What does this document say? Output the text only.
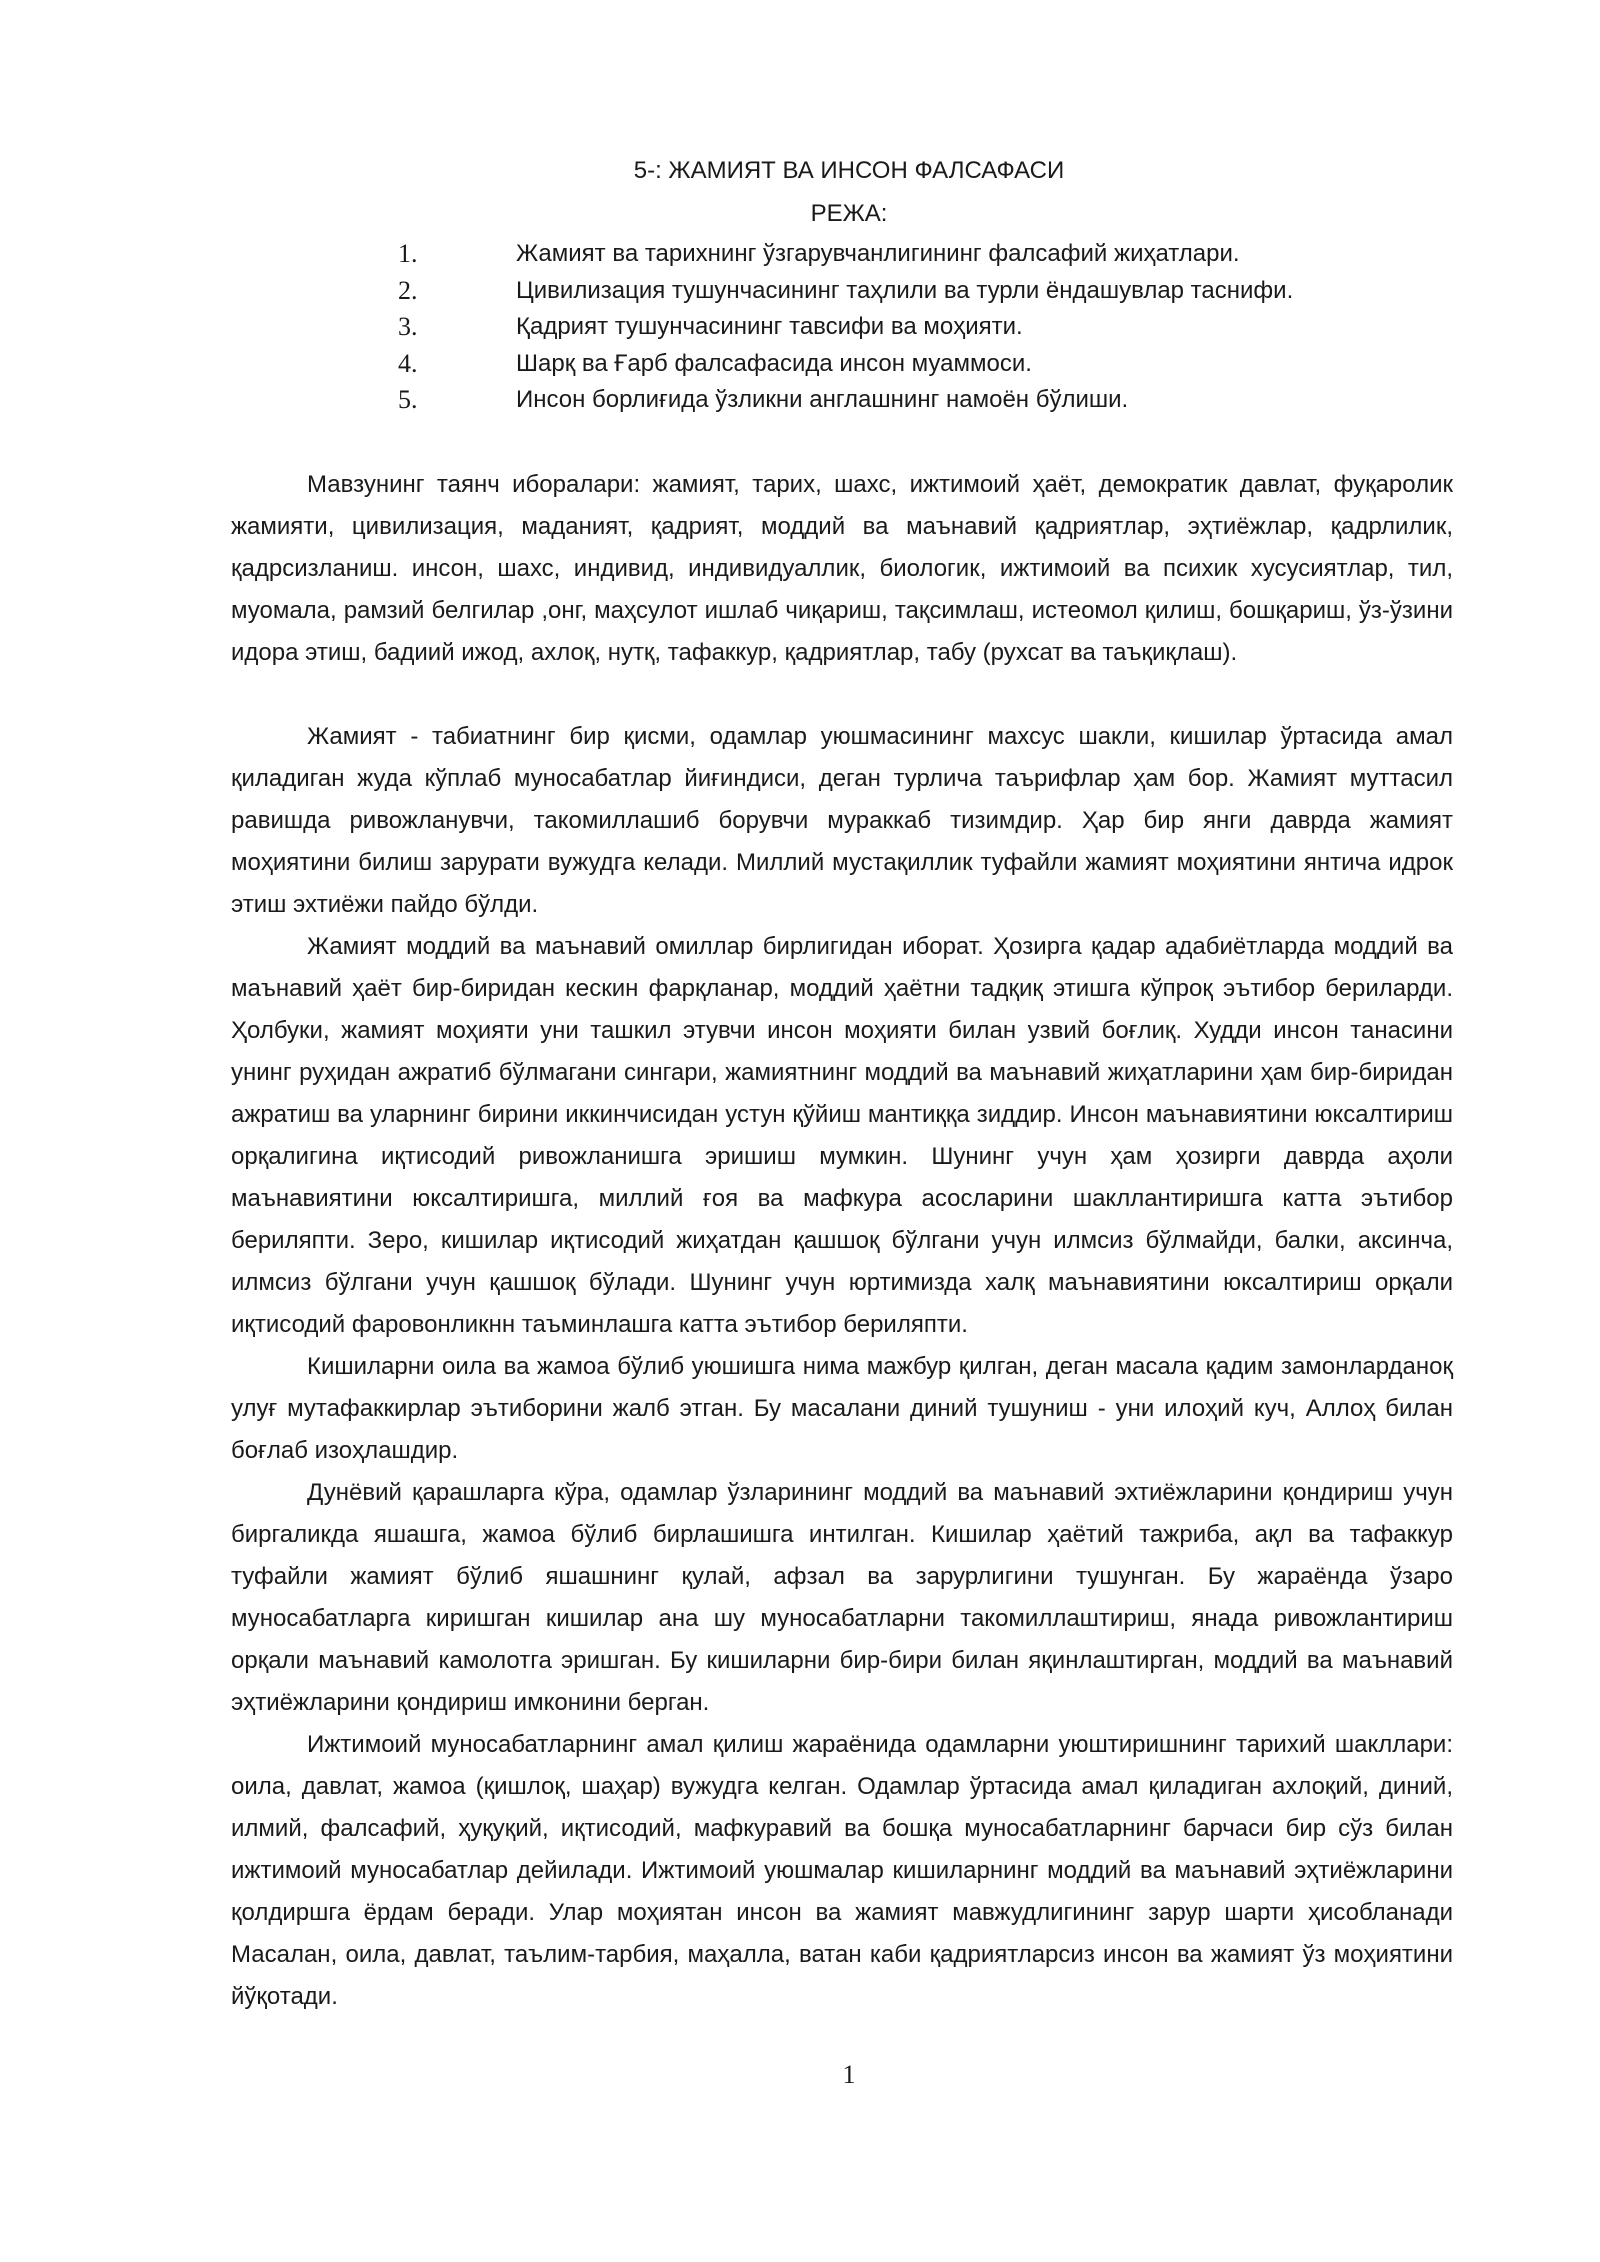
5-: ЖАМИЯТ ВА ИНСОН ФАЛСАФАСИ
РЕЖА:
1.	Жамият ва тарихнинг ўзгарувчанлигининг фалсафий жиҳатлари.
2.	Цивилизация тушунчасининг таҳлили ва турли ёндашувлар таснифи.
3.	Қадрият тушунчасининг тавсифи ва моҳияти.
4.	Шарқ ва Ғарб фалсафасида инсон муаммоси.
5.	Инсон борлиғида ўзликни англашнинг намоён бўлиши.

Мавзунинг таянч иборалари: жамият, тарих, шахс, ижтимоий ҳаёт, демократик давлат, фуқаролик жамияти, цивилизация, маданият, қадрият, моддий ва маънавий қадриятлар, эҳтиёжлар, қадрлилик, қадрсизланиш. инсон, шахс, индивид, индивидуаллик, биологик, ижтимоий ва психик хусусиятлар, тил, муомала, рамзий белгилар ,онг, маҳсулот ишлаб чиқариш, тақсимлаш, истеомол қилиш, бошқариш, ўз-ўзини идора этиш, бадиий ижод, ахлоқ, нутқ, тафаккур, қадриятлар, табу (рухсат ва таъқиқлаш).

Жамият - табиатнинг бир қисми, одамлар уюшмасининг махсус шакли, кишилар ўртасида амал қиладиган жуда кўплаб муносабатлар йиғиндиси, деган турлича таърифлар ҳам бор. Жамият муттасил равишда ривожланувчи, такомиллашиб борувчи мураккаб тизимдир. Ҳар бир янги даврда жамият моҳиятини билиш зарурати вужудга келади. Миллий мустақиллик туфайли жамият моҳиятини янтича идрок этиш эхтиёжи пайдо бўлди.

Жамият моддий ва маънавий омиллар бирлигидан иборат. Ҳозирга қадар адабиётларда моддий ва маънавий ҳаёт бир-биридан кескин фарқланар, моддий ҳаётни тадқиқ этишга кўпроқ эътибор бериларди. Ҳолбуки, жамият моҳияти уни ташкил этувчи инсон моҳияти билан узвий боғлиқ. Худди инсон танасини унинг руҳидан ажратиб бўлмагани сингари, жамиятнинг моддий ва маънавий жиҳатларини ҳам бир-биридан ажратиш ва уларнинг бирини иккинчисидан устун қўйиш мантиққа зиддир. Инсон маънавиятини юксалтириш орқалигина иқтисодий ривожланишга эришиш мумкин. Шунинг учун ҳам ҳозирги даврда аҳоли маънавиятини юксалтиришга, миллий ғоя ва мафкура асосларини шакллантиришга катта эътибор бериляпти. Зеро, кишилар иқтисодий жиҳатдан қашшоқ бўлгани учун илмсиз бўлмайди, балки, аксинча, илмсиз бўлгани учун қашшоқ бўлади. Шунинг учун юртимизда халқ маънавиятини юксалтириш орқали иқтисодий фаровонликнн таъминлашга катта эътибор бериляпти.

Кишиларни оила ва жамоа бўлиб уюшишга нима мажбур қилган, деган масала қадим замонларданоқ улуғ мутафаккирлар эътиборини жалб этган. Бу масалани диний тушуниш - уни илоҳий куч, Аллоҳ билан боғлаб изоҳлашдир.

Дунёвий қарашларга кўра, одамлар ўзларининг моддий ва маънавий эхтиёжларини қондириш учун биргаликда яшашга, жамоа бўлиб бирлашишга интилган. Кишилар ҳаётий тажриба, ақл ва тафаккур туфайли жамият бўлиб яшашнинг қулай, афзал ва зарурлигини тушунган. Бу жараёнда ўзаро муносабатларга киришган кишилар ана шу муносабатларни такомиллаштириш, янада ривожлантириш орқали маънавий камолотга эришган. Бу кишиларни бир-бири билан яқинлаштирган, моддий ва маънавий эҳтиёжларини қондириш имконини берган.

Ижтимоий муносабатларнинг амал қилиш жараёнида одамларни уюштиришнинг тарихий шакллари: оила, давлат, жамоа (қишлоқ, шаҳар) вужудга келган. Одамлар ўртасида амал қиладиган ахлоқий, диний, илмий, фалсафий, ҳуқуқий, иқтисодий, мафкуравий ва бошқа муносабатларнинг барчаси бир сўз билан ижтимоий муносабатлар дейилади. Ижтимоий уюшмалар кишиларнинг моддий ва маънавий эҳтиёжларини қолдиршга ёрдам беради. Улар моҳиятан инсон ва жамият мавжудлигининг зарур шарти ҳисобланади Масалан, оила, давлат, таълим-тарбия, маҳалла, ватан каби қадриятларсиз инсон ва жамият ўз моҳиятини йўқотади.

1
